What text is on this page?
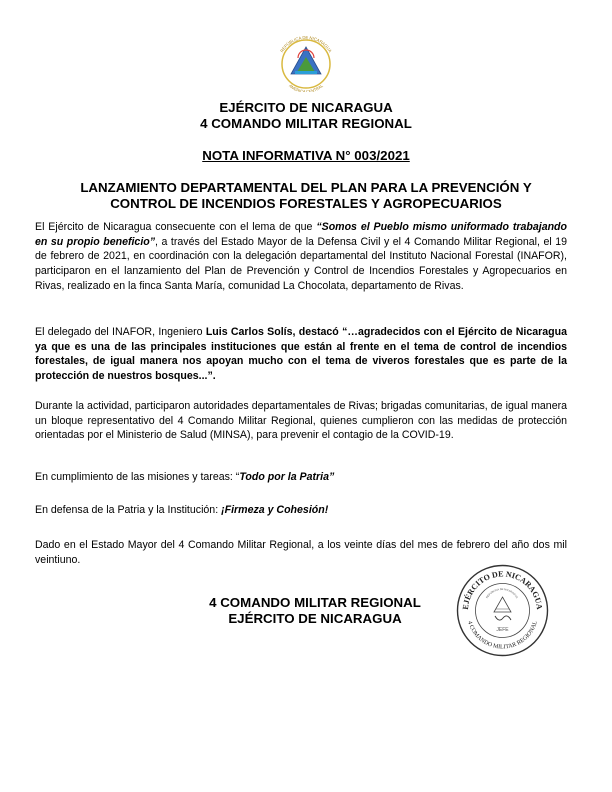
REPÚBLICA DE NICARAGUA
AMÉRICA CENTRAL
EJÉRCITO DE NICARAGUA
4 COMANDO MILITAR REGIONAL
NOTA INFORMATIVA N° 003/2021
LANZAMIENTO DEPARTAMENTAL DEL PLAN PARA LA PREVENCIÓN Y
CONTROL DE INCENDIOS FORESTALES Y AGROPECUARIOS
El Ejército de Nicaragua consecuente con el lema de que “Somos el Pueblo mismo uniformado trabajando en su propio beneficio”, a través del Estado Mayor de la Defensa Civil y el 4 Comando Militar Regional, el 19 de febrero de 2021, en coordinación con la delegación departamental del Instituto Nacional Forestal (INAFOR), participaron en el lanzamiento del Plan de Prevención y Control de Incendios Forestales y Agropecuarios en Rivas, realizado en la finca Santa María, comunidad La Chocolata, departamento de Rivas.
El delegado del INAFOR, Ingeniero Luis Carlos Solís, destacó “…agradecidos con el Ejército de Nicaragua ya que es una de las principales instituciones que están al frente en el tema de control de incendios forestales, de igual manera nos apoyan mucho con el tema de viveros forestales que es parte de la protección de nuestros bosques...”.
Durante la actividad, participaron autoridades departamentales de Rivas; brigadas comunitarias, de igual manera un bloque representativo del 4 Comando Militar Regional, quienes cumplieron con las medidas de protección orientadas por el Ministerio de Salud (MINSA), para prevenir el contagio de la COVID-19.
En cumplimiento de las misiones y tareas: “Todo por la Patria”
En defensa de la Patria y la Institución: ¡Firmeza y Cohesión!
Dado en el Estado Mayor del 4 Comando Militar Regional, a los veinte días del mes de febrero del año dos mil veintiuno.
EJÉRCITO DE NICARAGUA
4 COMANDO MILITAR REGIONAL
REPÚBLICA DE NICARAGUA
JEFE
4 COMANDO MILITAR REGIONAL
EJÉRCITO DE NICARAGUA
